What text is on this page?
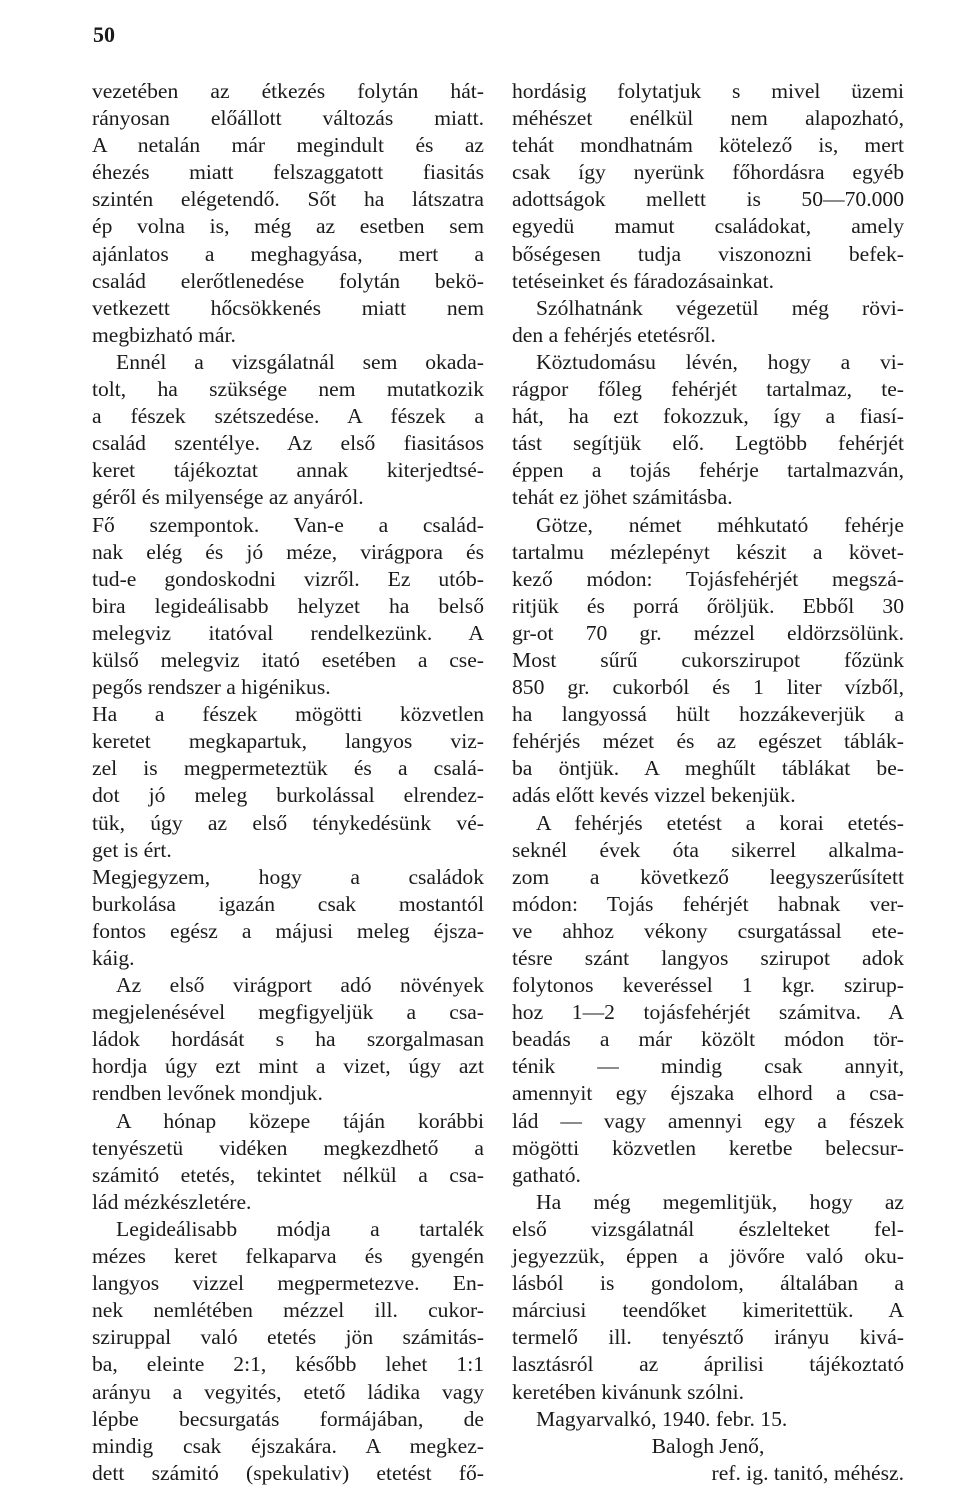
50
vezetében az étkezés folytán hát-
rányosan előállott változás miatt.
A netalán már megindult és az
éhezés miatt felszaggatott fiasitás
szintén elégetendő. Sőt ha látszatra
ép volna is, még az esetben sem
ajánlatos a meghagyása, mert a
család elerőtlenedése folytán bekö-
vetkezett hőcsökkenés miatt nem
megbizható már.
Ennél a vizsgálatnál sem okada-
tolt, ha szüksége nem mutatkozik
a fészek szétszedése. A fészek a
család szentélye. Az első fiasitásos
keret tájékoztat annak kiterjedtsé-
géről és milyensége az anyáról.
Fő szempontok. Van-e a család-
nak elég és jó méze, virágpora és
tud-e gondoskodni vizről. Ez utób-
bira legideálisabb helyzet ha belső
melegviz itatóval rendelkezünk. A
külső melegviz itató esetében a cse-
pegős rendszer a higénikus.
Ha a fészek mögötti közvetlen
keretet megkapartuk, langyos viz-
zel is megpermeteztük és a csalá-
dot jó meleg burkolással elrendez-
tük, úgy az első ténykedésünk vé-
get is ért.
Megjegyzem, hogy a családok
burkolása igazán csak mostantól
fontos egész a májusi meleg éjsza-
káig.
Az első virágport adó növények
megjelenésével megfigyeljük a csa-
ládok hordását s ha szorgalmasan
hordja úgy ezt mint a vizet, úgy azt
rendben levőnek mondjuk.
A hónap közepe táján korábbi
tenyészetü vidéken megkezdhető a
számitó etetés, tekintet nélkül a csa-
lád mézkészletére.
Legideálisabb módja a tartalék
mézes keret felkaparva és gyengén
langyos vizzel megpermetezve. En-
nek nemlétében mézzel ill. cukor-
sziruppal való etetés jön számitás-
ba, eleinte 2:1, később lehet 1:1
arányu a vegyités, etető ládika vagy
lépbe becsurgatás formájában, de
mindig csak éjszakára. A megkez-
dett számitó (spekulativ) etetést fő-
hordásig folytatjuk s mivel üzemi
méhészet enélkül nem alapozható,
tehát mondhatnám kötelező is, mert
csak így nyerünk főhordásra egyéb
adottságok mellett is 50—70.000
egyedü mamut családokat, amely
bőségesen tudja viszonozni befek-
tetéseinket és fáradozásainkat.
Szólhatnánk végezetül még rövi-
den a fehérjés etetésről.
Köztudomásu lévén, hogy a vi-
rágpor főleg fehérjét tartalmaz, te-
hát, ha ezt fokozzuk, így a fiasí-
tást segítjük elő. Legtöbb fehérjét
éppen a tojás fehérje tartalmazván,
tehát ez jöhet számitásba.
Götze, német méhkutató fehérje
tartalmu mézlepényt készit a követ-
kező módon: Tojásfehérjét megszá-
ritjük és porrá őröljük. Ebből 30
gr-ot 70 gr. mézzel eldörzsölünk.
Most sűrű cukorszirupot főzünk
850 gr. cukorból és 1 liter vízből,
ha langyossá hült hozzákeverjük a
fehérjés mézet és az egészet táblák-
ba öntjük. A meghűlt táblákat be-
adás előtt kevés vizzel bekenjük.
A fehérjés etetést a korai etetés-
seknél évek óta sikerrel alkalma-
zom a következő leegyszerűsített
módon: Tojás fehérjét habnak ver-
ve ahhoz vékony csurgatással ete-
tésre szánt langyos szirupot adok
folytonos keveréssel 1 kgr. szirup-
hoz 1—2 tojásfehérjét számitva. A
beadás a már közölt módon tör-
ténik — mindig csak annyit,
amennyit egy éjszaka elhord a csa-
lád — vagy amennyi egy a fészek
mögötti közvetlen keretbe belecsur-
gatható.
Ha még megemlitjük, hogy az
első vizsgálatnál észlelteket fel-
jegyezzük, éppen a jövőre való oku-
lásból is gondolom, általában a
márciusi teendőket kimeritettük. A
termelő ill. tenyésztő irányu kivá-
lasztásról az áprilisi tájékoztató
keretében kivánunk szólni.
Magyarvalkó, 1940. febr. 15.
Balogh Jenő,
ref. ig. tanitó, méhész.
